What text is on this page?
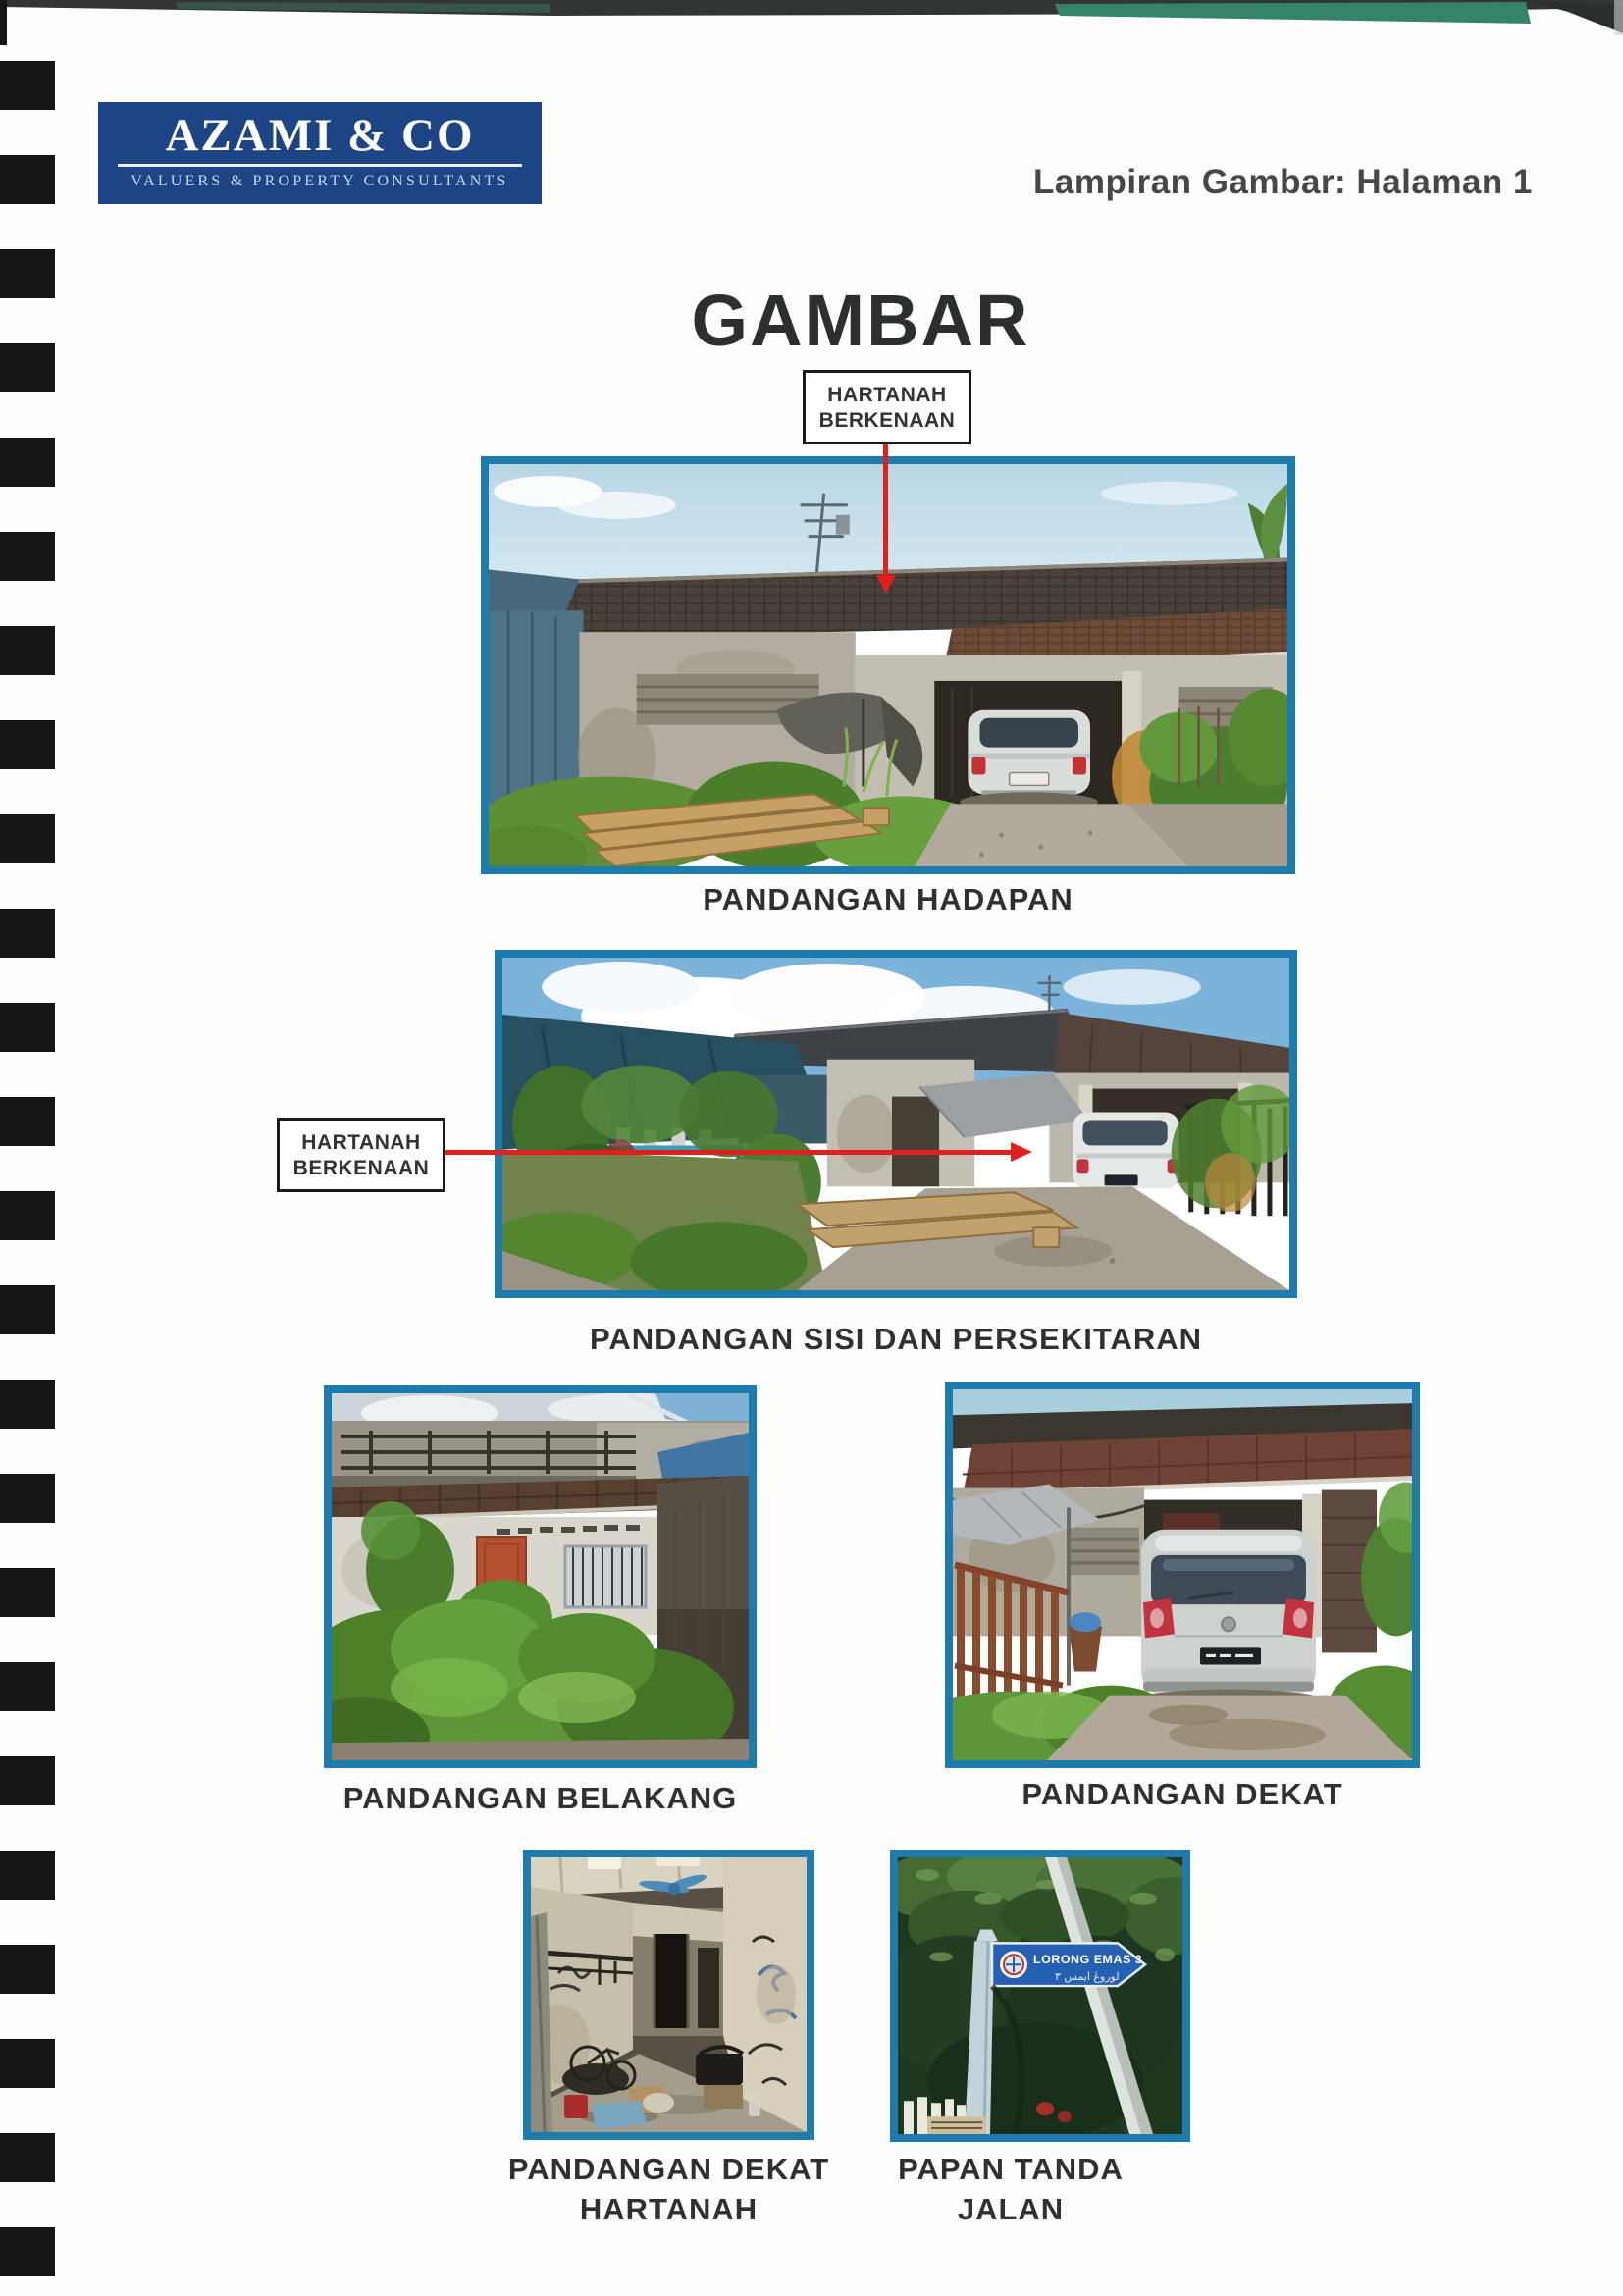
AZAMI & CO
VALUERS & PROPERTY CONSULTANTS	Lampiran Gambar: Halaman 1
GAMBAR
HARTANAH
BERKENAAN
PANDANGAN HADAPAN
HARTANAH
BERKENAAN
PANDANGAN SISI DAN PERSEKITARAN
PANDANGAN BELAKANG	PANDANGAN DEKAT
PANDANGAN DEKAT
HARTANAH
LORONG EMAS 3
لوروڠ ايمس ٣
PAPAN TANDA
JALAN
